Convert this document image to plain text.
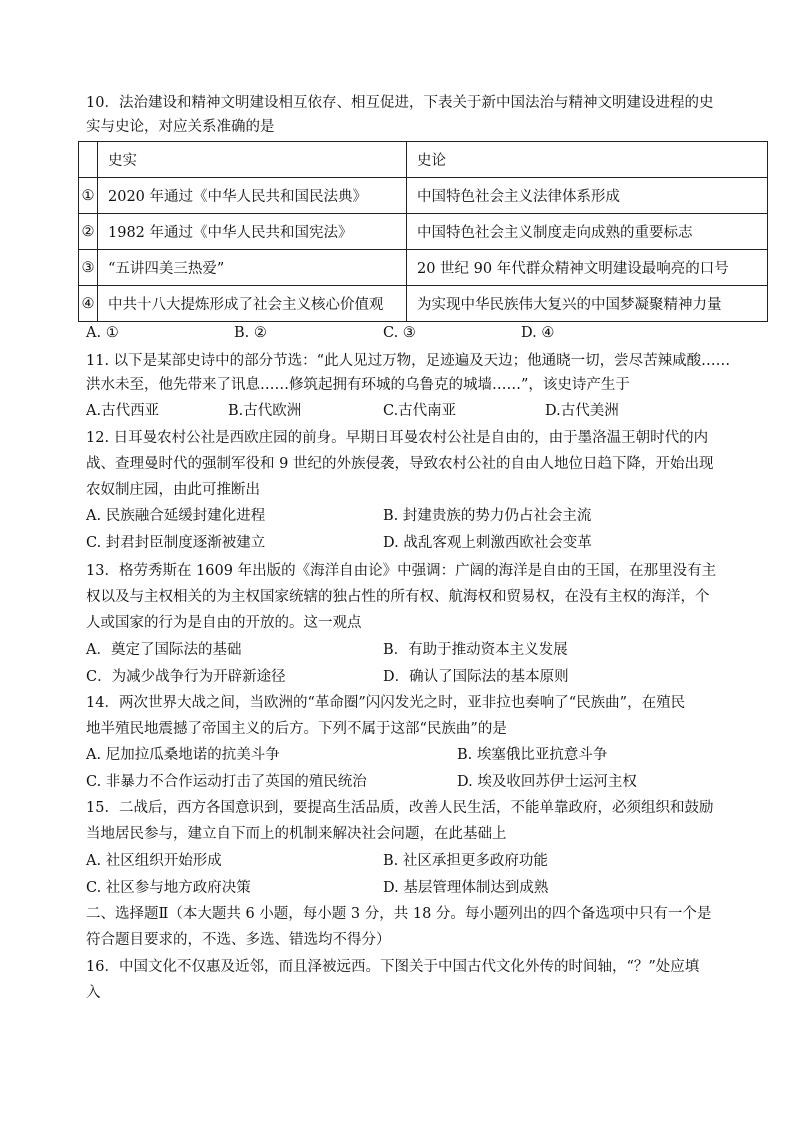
10．法治建设和精神文明建设相互依存、相互促进，下表关于新中国法治与精神文明建设进程的史
实与史论，对应关系准确的是
	史实	史论
①	2020 年通过《中华人民共和国民法典》	中国特色社会主义法律体系形成
②	1982 年通过《中华人民共和国宪法》	中国特色社会主义制度走向成熟的重要标志
③	“五讲四美三热爱”	20 世纪 90 年代群众精神文明建设最响亮的口号
④	中共十八大提炼形成了社会主义核心价值观	为实现中华民族伟大复兴的中国梦凝聚精神力量
A. ①	B. ②	C. ③	D. ④
11. 以下是某部史诗中的部分节选：“此人见过万物，足迹遍及天边；他通晓一切，尝尽苦辣咸酸……
洪水未至，他先带来了讯息……修筑起拥有环城的乌鲁克的城墙……”，该史诗产生于
A.古代西亚	B.古代欧洲	C.古代南亚	D.古代美洲
12. 日耳曼农村公社是西欧庄园的前身。早期日耳曼农村公社是自由的，由于墨洛温王朝时代的内
战、查理曼时代的强制军役和 9 世纪的外族侵袭，导致农村公社的自由人地位日趋下降，开始出现
农奴制庄园，由此可推断出
A. 民族融合延缓封建化进程	B. 封建贵族的势力仍占社会主流
C. 封君封臣制度逐渐被建立	D. 战乱客观上刺激西欧社会变革
13．格劳秀斯在 1609 年出版的《海洋自由论》中强调：广阔的海洋是自由的王国，在那里没有主
权以及与主权相关的为主权国家统辖的独占性的所有权、航海权和贸易权，在没有主权的海洋，个
人或国家的行为是自由的开放的。这一观点
A．奠定了国际法的基础	B．有助于推动资本主义发展
C．为减少战争行为开辟新途径	D．确认了国际法的基本原则
14．两次世界大战之间，当欧洲的“革命圈”闪闪发光之时，亚非拉也奏响了“民族曲”，在殖民
地半殖民地震撼了帝国主义的后方。下列不属于这部“民族曲”的是
A. 尼加拉瓜桑地诺的抗美斗争	B. 埃塞俄比亚抗意斗争
C. 非暴力不合作运动打击了英国的殖民统治	D. 埃及收回苏伊士运河主权
15．二战后，西方各国意识到，要提高生活品质，改善人民生活，不能单靠政府，必须组织和鼓励
当地居民参与，建立自下而上的机制来解决社会问题，在此基础上
A. 社区组织开始形成	B. 社区承担更多政府功能
C. 社区参与地方政府决策	D. 基层管理体制达到成熟
二、选择题Ⅱ（本大题共 6 小题，每小题 3 分，共 18 分。每小题列出的四个备选项中只有一个是
符合题目要求的，不选、多选、错选均不得分）
16．中国文化不仅惠及近邻，而且泽被远西。下图关于中国古代文化外传的时间轴，“？”处应填
入
